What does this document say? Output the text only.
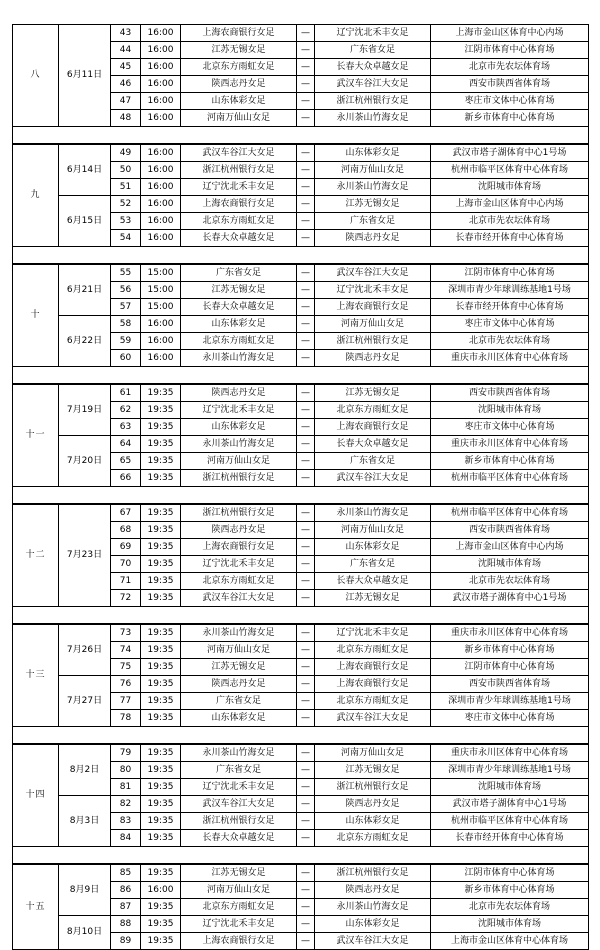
八	6月11日	43	16:00	上海农商银行女足	—	辽宁沈北禾丰女足	上海市金山区体育中心内场
		44	16:00	江苏无锡女足	—	广东省女足	江阴市体育中心体育场
		45	16:00	北京东方雨虹女足	—	长春大众卓越女足	北京市先农坛体育场
		46	16:00	陕西志丹女足	—	武汉车谷江大女足	西安市陕西省体育场
		47	16:00	山东体彩女足	—	浙江杭州银行女足	枣庄市文体中心体育场
		48	16:00	河南万仙山女足	—	永川茶山竹海女足	新乡市体育中心体育场

九	6月14日	49	16:00	武汉车谷江大女足	—	山东体彩女足	武汉市塔子湖体育中心1号场
		50	16:00	浙江杭州银行女足	—	河南万仙山女足	杭州市临平区体育中心体育场
		51	16:00	辽宁沈北禾丰女足	—	永川茶山竹海女足	沈阳城市体育场
	6月15日	52	16:00	上海农商银行女足	—	江苏无锡女足	上海市金山区体育中心内场
		53	16:00	北京东方雨虹女足	—	广东省女足	北京市先农坛体育场
		54	16:00	长春大众卓越女足	—	陕西志丹女足	长春市经开体育中心体育场

十	6月21日	55	15:00	广东省女足	—	武汉车谷江大女足	江阴市体育中心体育场
		56	15:00	江苏无锡女足	—	辽宁沈北禾丰女足	深圳市青少年球训练基地1号场
		57	15:00	长春大众卓越女足	—	上海农商银行女足	长春市经开体育中心体育场
	6月22日	58	16:00	山东体彩女足	—	河南万仙山女足	枣庄市文体中心体育场
		59	16:00	北京东方雨虹女足	—	浙江杭州银行女足	北京市先农坛体育场
		60	16:00	永川茶山竹海女足	—	陕西志丹女足	重庆市永川区体育中心体育场

十一	7月19日	61	19:35	陕西志丹女足	—	江苏无锡女足	西安市陕西省体育场
		62	19:35	辽宁沈北禾丰女足	—	北京东方雨虹女足	沈阳城市体育场
		63	19:35	山东体彩女足	—	上海农商银行女足	枣庄市文体中心体育场
	7月20日	64	19:35	永川茶山竹海女足	—	长春大众卓越女足	重庆市永川区体育中心体育场
		65	19:35	河南万仙山女足	—	广东省女足	新乡市体育中心体育场
		66	19:35	浙江杭州银行女足	—	武汉车谷江大女足	杭州市临平区体育中心体育场

十二	7月23日	67	19:35	浙江杭州银行女足	—	永川茶山竹海女足	杭州市临平区体育中心体育场
		68	19:35	陕西志丹女足	—	河南万仙山女足	西安市陕西省体育场
		69	19:35	上海农商银行女足	—	山东体彩女足	上海市金山区体育中心内场
		70	19:35	辽宁沈北禾丰女足	—	广东省女足	沈阳城市体育场
		71	19:35	北京东方雨虹女足	—	长春大众卓越女足	北京市先农坛体育场
		72	19:35	武汉车谷江大女足	—	江苏无锡女足	武汉市塔子湖体育中心1号场

十三	7月26日	73	19:35	永川茶山竹海女足	—	辽宁沈北禾丰女足	重庆市永川区体育中心体育场
		74	19:35	河南万仙山女足	—	北京东方雨虹女足	新乡市体育中心体育场
		75	19:35	江苏无锡女足	—	上海农商银行女足	江阴市体育中心体育场
	7月27日	76	19:35	陕西志丹女足	—	上海农商银行女足	西安市陕西省体育场
		77	19:35	广东省女足	—	北京东方雨虹女足	深圳市青少年球训练基地1号场
		78	19:35	山东体彩女足	—	武汉车谷江大女足	枣庄市文体中心体育场

十四	8月2日	79	19:35	永川茶山竹海女足	—	河南万仙山女足	重庆市永川区体育中心体育场
		80	19:35	广东省女足	—	江苏无锡女足	深圳市青少年球训练基地1号场
		81	19:35	辽宁沈北禾丰女足	—	浙江杭州银行女足	沈阳城市体育场
	8月3日	82	19:35	武汉车谷江大女足	—	陕西志丹女足	武汉市塔子湖体育中心1号场
		83	19:35	浙江杭州银行女足	—	山东体彩女足	杭州市临平区体育中心体育场
		84	19:35	长春大众卓越女足	—	北京东方雨虹女足	长春市经开体育中心体育场

十五	8月9日	85	19:35	江苏无锡女足	—	浙江杭州银行女足	江阴市体育中心体育场
		86	16:00	河南万仙山女足	—	陕西志丹女足	新乡市体育中心体育场
		87	19:35	北京东方雨虹女足	—	永川茶山竹海女足	北京市先农坛体育场
	8月10日	88	19:35	辽宁沈北禾丰女足	—	山东体彩女足	沈阳城市体育场
		89	19:35	上海农商银行女足	—	武汉车谷江大女足	上海市金山区体育中心体育场
